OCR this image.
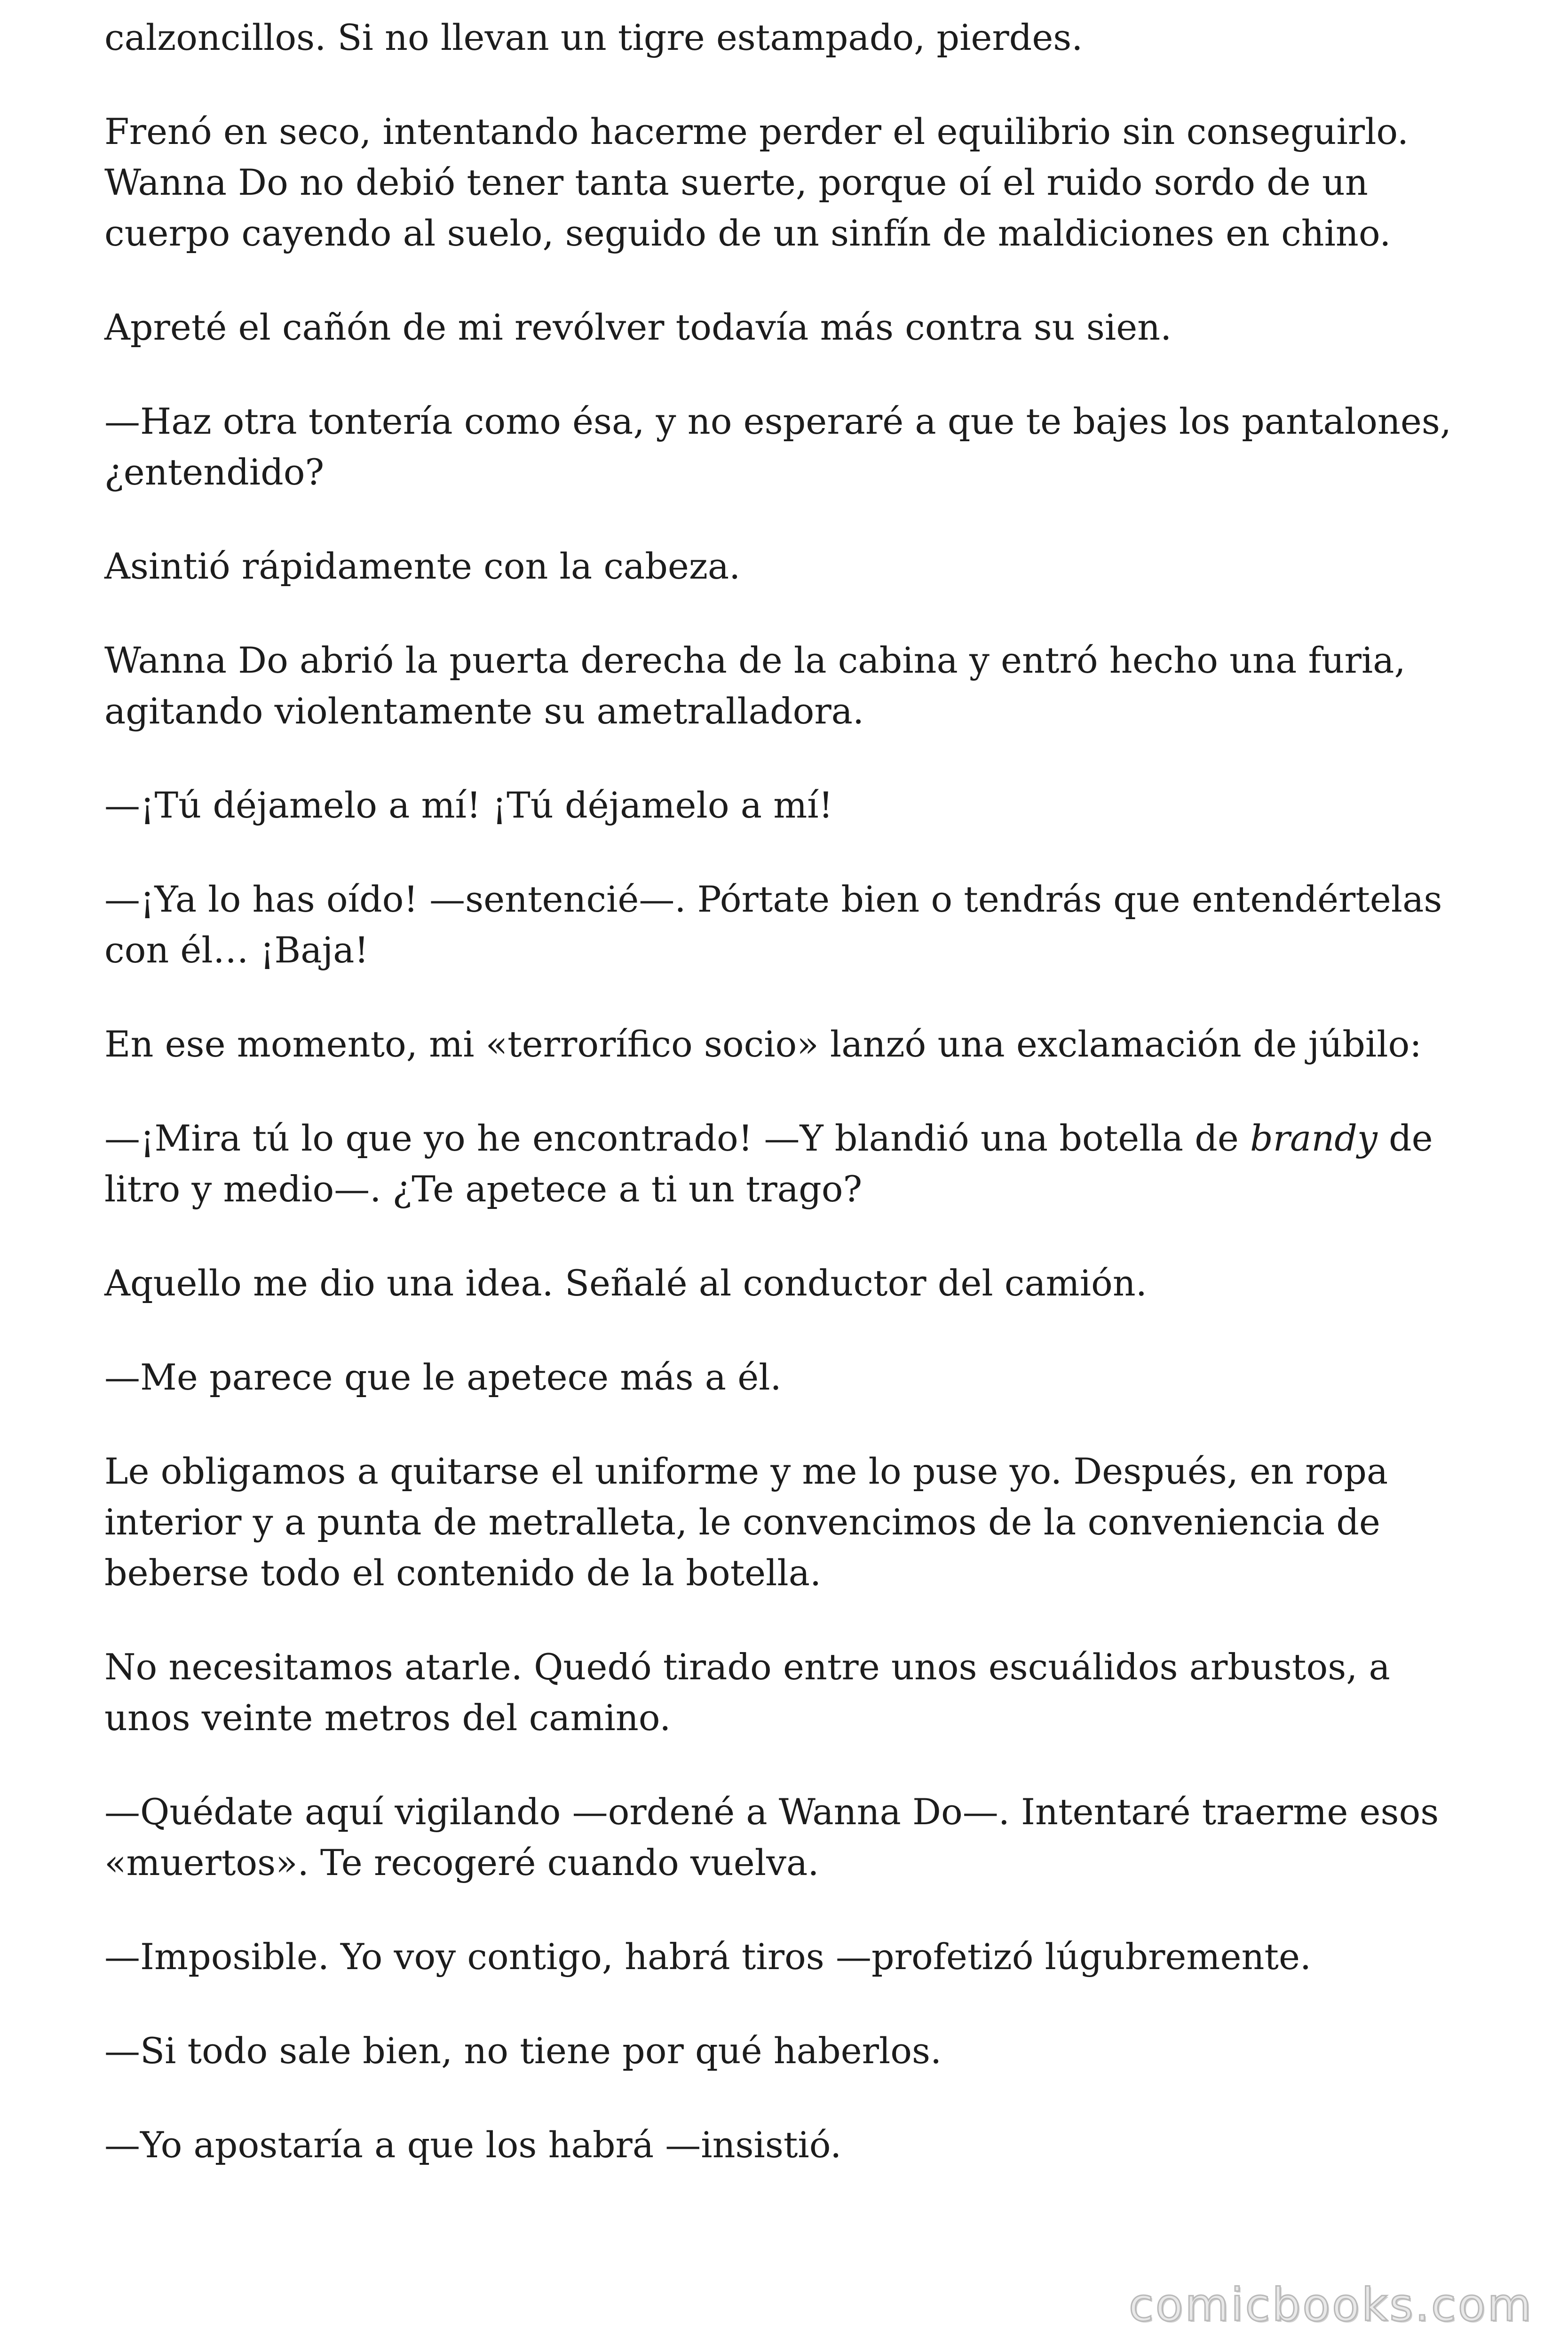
calzoncillos. Si no llevan un tigre estampado, pierdes.

Frenó en seco, intentando hacerme perder el equilibrio sin conseguirlo. Wanna Do no debió tener tanta suerte, porque oí el ruido sordo de un cuerpo cayendo al suelo, seguido de un sinfín de maldiciones en chino.

Apreté el cañón de mi revólver todavía más contra su sien.

—Haz otra tontería como ésa, y no esperaré a que te bajes los pantalones, ¿entendido?

Asintió rápidamente con la cabeza.

Wanna Do abrió la puerta derecha de la cabina y entró hecho una furia, agitando violentamente su ametralladora.

—¡Tú déjamelo a mí! ¡Tú déjamelo a mí!

—¡Ya lo has oído! —sentencié—. Pórtate bien o tendrás que entendértelas con él… ¡Baja!

En ese momento, mi «terrorífico socio» lanzó una exclamación de júbilo:

—¡Mira tú lo que yo he encontrado! —Y blandió una botella de brandy de litro y medio—. ¿Te apetece a ti un trago?

Aquello me dio una idea. Señalé al conductor del camión.

—Me parece que le apetece más a él.

Le obligamos a quitarse el uniforme y me lo puse yo. Después, en ropa interior y a punta de metralleta, le convencimos de la conveniencia de beberse todo el contenido de la botella.

No necesitamos atarle. Quedó tirado entre unos escuálidos arbustos, a unos veinte metros del camino.

—Quédate aquí vigilando —ordené a Wanna Do—. Intentaré traerme esos «muertos». Te recogeré cuando vuelva.

—Imposible. Yo voy contigo, habrá tiros —profetizó lúgubremente.

—Si todo sale bien, no tiene por qué haberlos.

—Yo apostaría a que los habrá —insistió.

comicbooks.com
